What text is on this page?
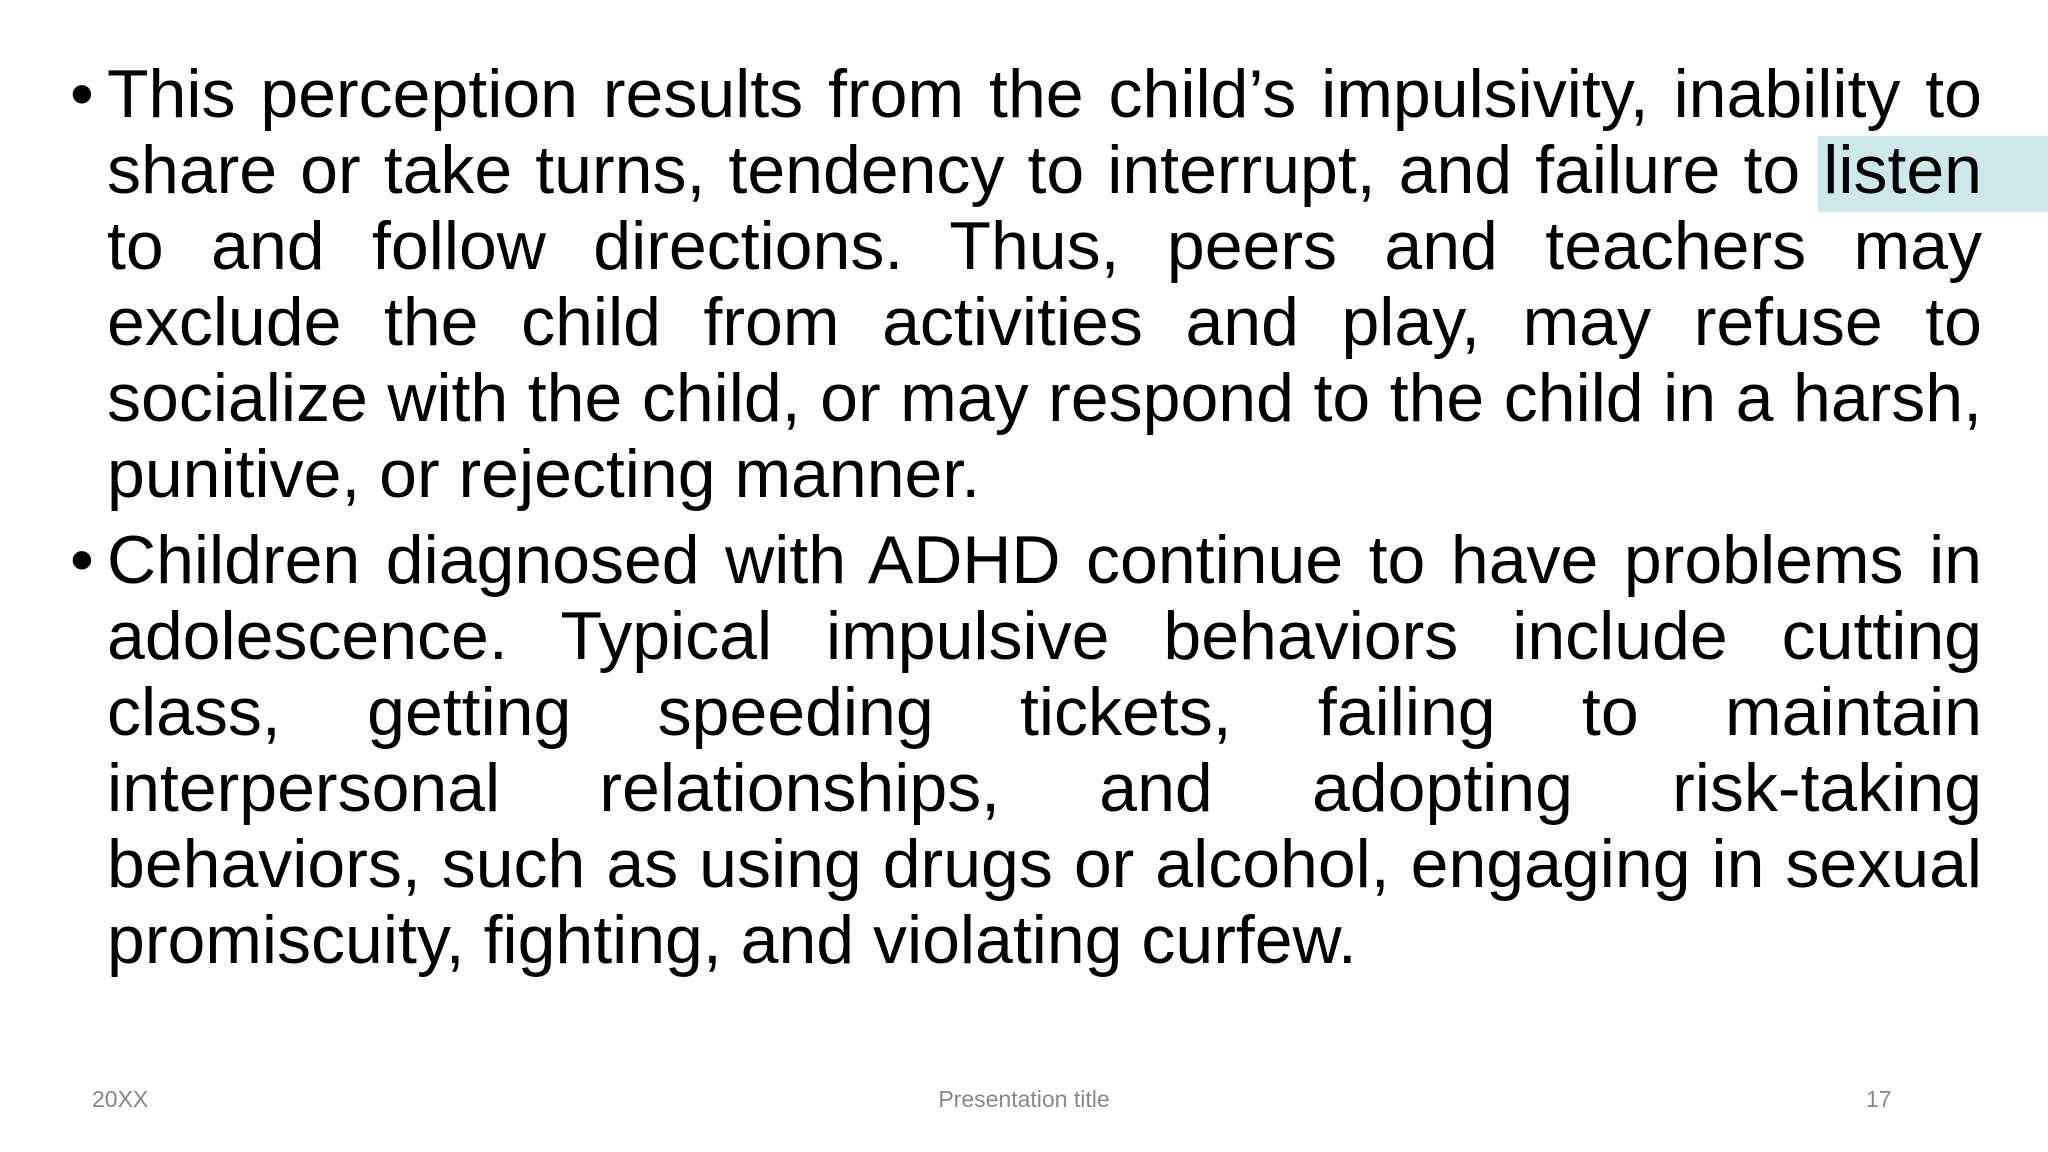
• This perception results from the child’s impulsivity, inability to share or take turns, tendency to interrupt, and failure to listen to and follow directions. Thus, peers and teachers may exclude the child from activities and play, may refuse to socialize with the child, or may respond to the child in a harsh, punitive, or rejecting manner.
• Children diagnosed with ADHD continue to have problems in adolescence. Typical impulsive behaviors include cutting class, getting speeding tickets, failing to maintain interpersonal relationships, and adopting risk-taking behaviors, such as using drugs or alcohol, engaging in sexual promiscuity, fighting, and violating curfew.
20XX	Presentation title	17
